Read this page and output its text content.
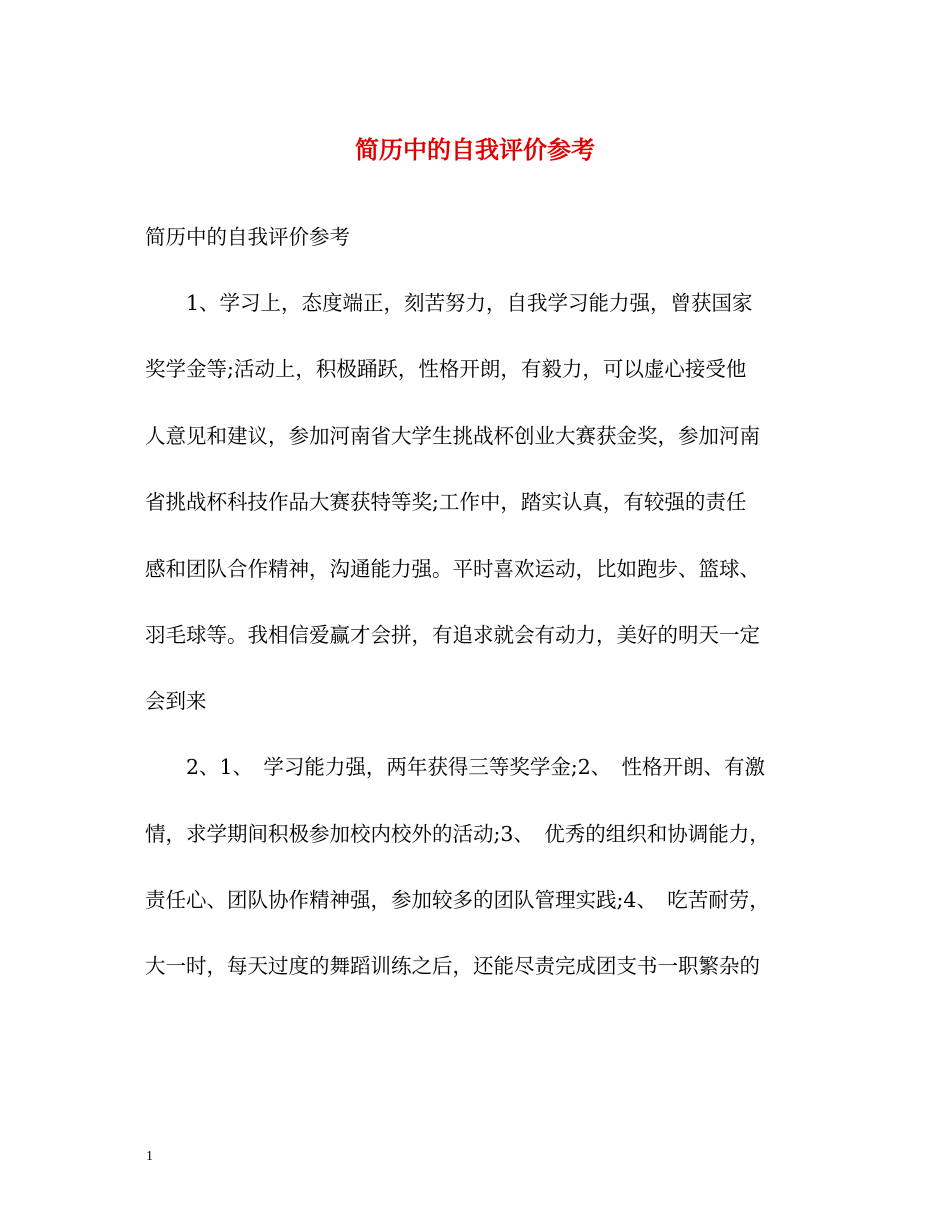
简历中的自我评价参考

简历中的自我评价参考

　　1、学习上，态度端正，刻苦努力，自我学习能力强，曾获国家

奖学金等;活动上，积极踊跃，性格开朗，有毅力，可以虚心接受他

人意见和建议，参加河南省大学生挑战杯创业大赛获金奖，参加河南

省挑战杯科技作品大赛获特等奖;工作中，踏实认真，有较强的责任

感和团队合作精神，沟通能力强。平时喜欢运动，比如跑步、篮球、

羽毛球等。我相信爱赢才会拼，有追求就会有动力，美好的明天一定

会到来

　　2、1、　学习能力强，两年获得三等奖学金;2、　性格开朗、有激

情，求学期间积极参加校内校外的活动;3、　优秀的组织和协调能力，

责任心、团队协作精神强，参加较多的团队管理实践;4、　吃苦耐劳，

大一时，每天过度的舞蹈训练之后，还能尽责完成团支书一职繁杂的

1
